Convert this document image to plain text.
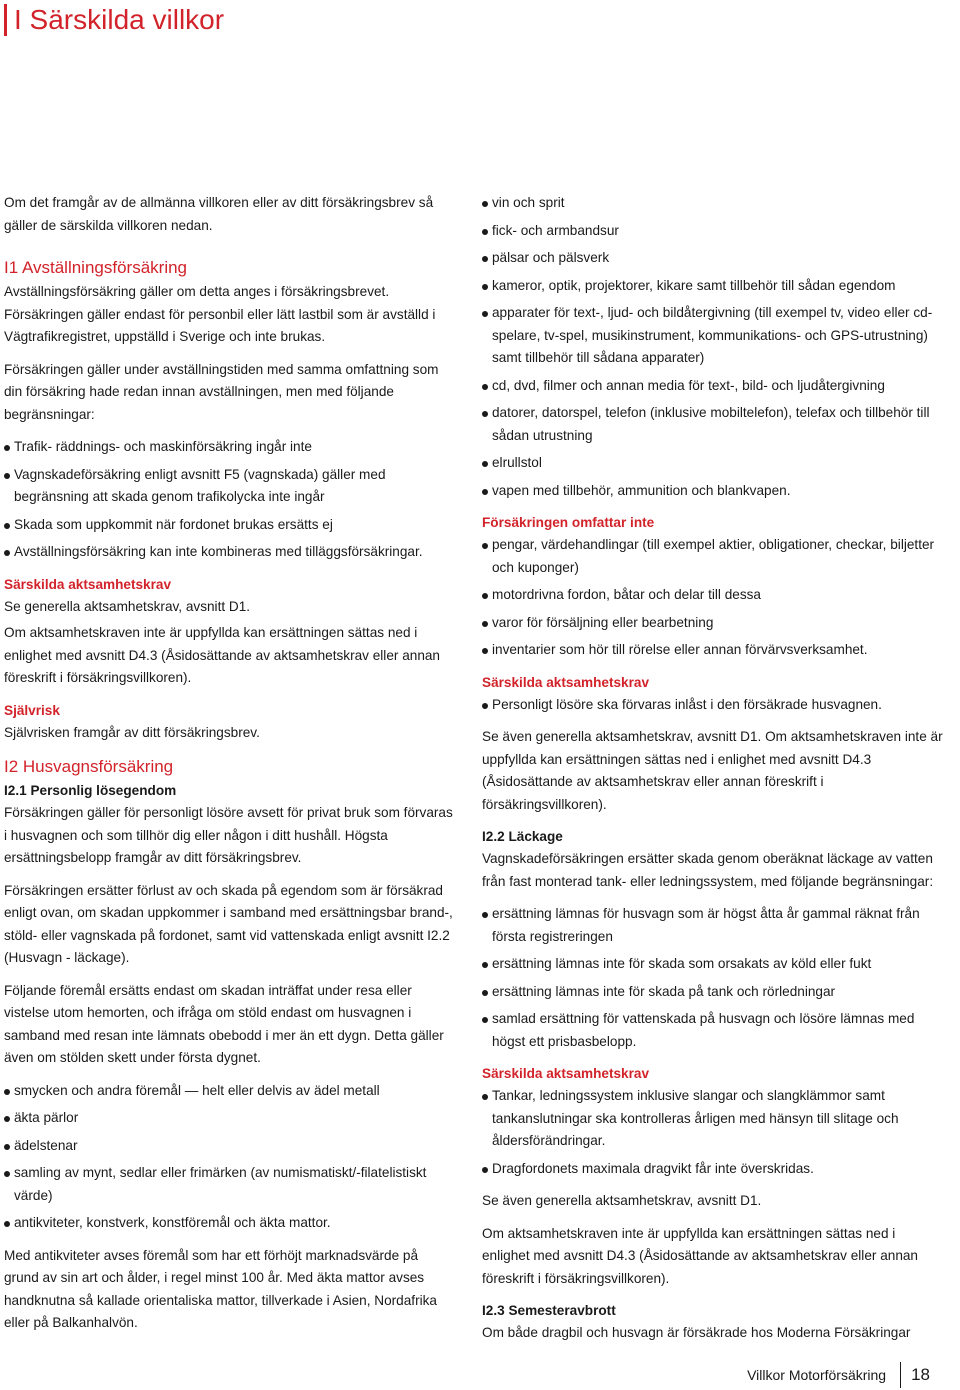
I Särskilda villkor

Om det framgår av de allmänna villkoren eller av ditt försäkringsbrev så gäller de särskilda villkoren nedan.

I1 Avställningsförsäkring

Avställningsförsäkring gäller om detta anges i försäkringsbrevet. Försäkringen gäller endast för personbil eller lätt lastbil som är avställd i Vägtrafikregistret, uppställd i Sverige och inte brukas.

Försäkringen gäller under avställningstiden med samma omfattning som din försäkring hade redan innan avställningen, men med följande begränsningar:

Trafik- räddnings- och maskinförsäkring ingår inte
Vagnskadeförsäkring enligt avsnitt F5 (vagnskada) gäller med begränsning att skada genom trafikolycka inte ingår
Skada som uppkommit när fordonet brukas ersätts ej
Avställningsförsäkring kan inte kombineras med tilläggsförsäkringar.
Särskilda aktsamhetskrav

Se generella aktsamhetskrav, avsnitt D1.

Om aktsamhetskraven inte är uppfyllda kan ersättningen sättas ned i enlighet med avsnitt D4.3 (Åsidosättande av aktsamhetskrav eller annan föreskrift i försäkringsvillkoren).

Självrisk

Självrisken framgår av ditt försäkringsbrev.

I2 Husvagnsförsäkring
I2.1 Personlig lösegendom

Försäkringen gäller för personligt lösöre avsett för privat bruk som förvaras i husvagnen och som tillhör dig eller någon i ditt hushåll. Högsta ersättningsbelopp framgår av ditt försäkringsbrev.

Försäkringen ersätter förlust av och skada på egendom som är försäkrad enligt ovan, om skadan uppkommer i samband med ersättningsbar brand-, stöld- eller vagnskada på fordonet, samt vid vattenskada enligt avsnitt I2.2 (Husvagn - läckage).

Följande föremål ersätts endast om skadan inträffat under resa eller vistelse utom hemorten, och ifråga om stöld endast om husvagnen i samband med resan inte lämnats obebodd i mer än ett dygn. Detta gäller även om stölden skett under första dygnet.

smycken och andra föremål — helt eller delvis av ädel metall
äkta pärlor
ädelstenar
samling av mynt, sedlar eller frimärken (av numismatiskt/-filatelistiskt värde)
antikviteter, konstverk, konstföremål och äkta mattor.

Med antikviteter avses föremål som har ett förhöjt marknadsvärde på grund av sin art och ålder, i regel minst 100 år. Med äkta mattor avses handknutna så kallade orientaliska mattor, tillverkade i Asien, Nordafrika eller på Balkanhalvön.

vin och sprit
fick- och armbandsur
pälsar och pälsverk
kameror, optik, projektorer, kikare samt tillbehör till sådan egendom
apparater för text-, ljud- och bildåtergivning (till exempel tv, video eller cd-spelare, tv-spel, musikinstrument, kommunikations- och GPS-utrustning) samt tillbehör till sådana apparater)
cd, dvd, filmer och annan media för text-, bild- och ljudåtergivning
datorer, datorspel, telefon (inklusive mobiltelefon), telefax och tillbehör till sådan utrustning
elrullstol
vapen med tillbehör, ammunition och blankvapen.
Försäkringen omfattar inte
pengar, värdehandlingar (till exempel aktier, obligationer, checkar, biljetter och kuponger)
motordrivna fordon, båtar och delar till dessa
varor för försäljning eller bearbetning
inventarier som hör till rörelse eller annan förvärvsverksamhet.
Särskilda aktsamhetskrav
Personligt lösöre ska förvaras inlåst i den försäkrade husvagnen.

Se även generella aktsamhetskrav, avsnitt D1. Om aktsamhetskraven inte är uppfyllda kan ersättningen sättas ned i enlighet med avsnitt D4.3 (Åsidosättande av aktsamhetskrav eller annan föreskrift i försäkringsvillkoren).

I2.2 Läckage

Vagnskadeförsäkringen ersätter skada genom oberäknat läckage av vatten från fast monterad tank- eller ledningssystem, med följande begränsningar:

ersättning lämnas för husvagn som är högst åtta år gammal räknat från första registreringen
ersättning lämnas inte för skada som orsakats av köld eller fukt
ersättning lämnas inte för skada på tank och rörledningar
samlad ersättning för vattenskada på husvagn och lösöre lämnas med högst ett prisbasbelopp.
Särskilda aktsamhetskrav
Tankar, ledningssystem inklusive slangar och slangklämmor samt tankanslutningar ska kontrolleras årligen med hänsyn till slitage och åldersförändringar.
Dragfordonets maximala dragvikt får inte överskridas.

Se även generella aktsamhetskrav, avsnitt D1.

Om aktsamhetskraven inte är uppfyllda kan ersättningen sättas ned i enlighet med avsnitt D4.3 (Åsidosättande av aktsamhetskrav eller annan föreskrift i försäkringsvillkoren).

I2.3 Semesteravbrott

Om både dragbil och husvagn är försäkrade hos Moderna Försäkringar

Villkor Motorförsäkring 18
